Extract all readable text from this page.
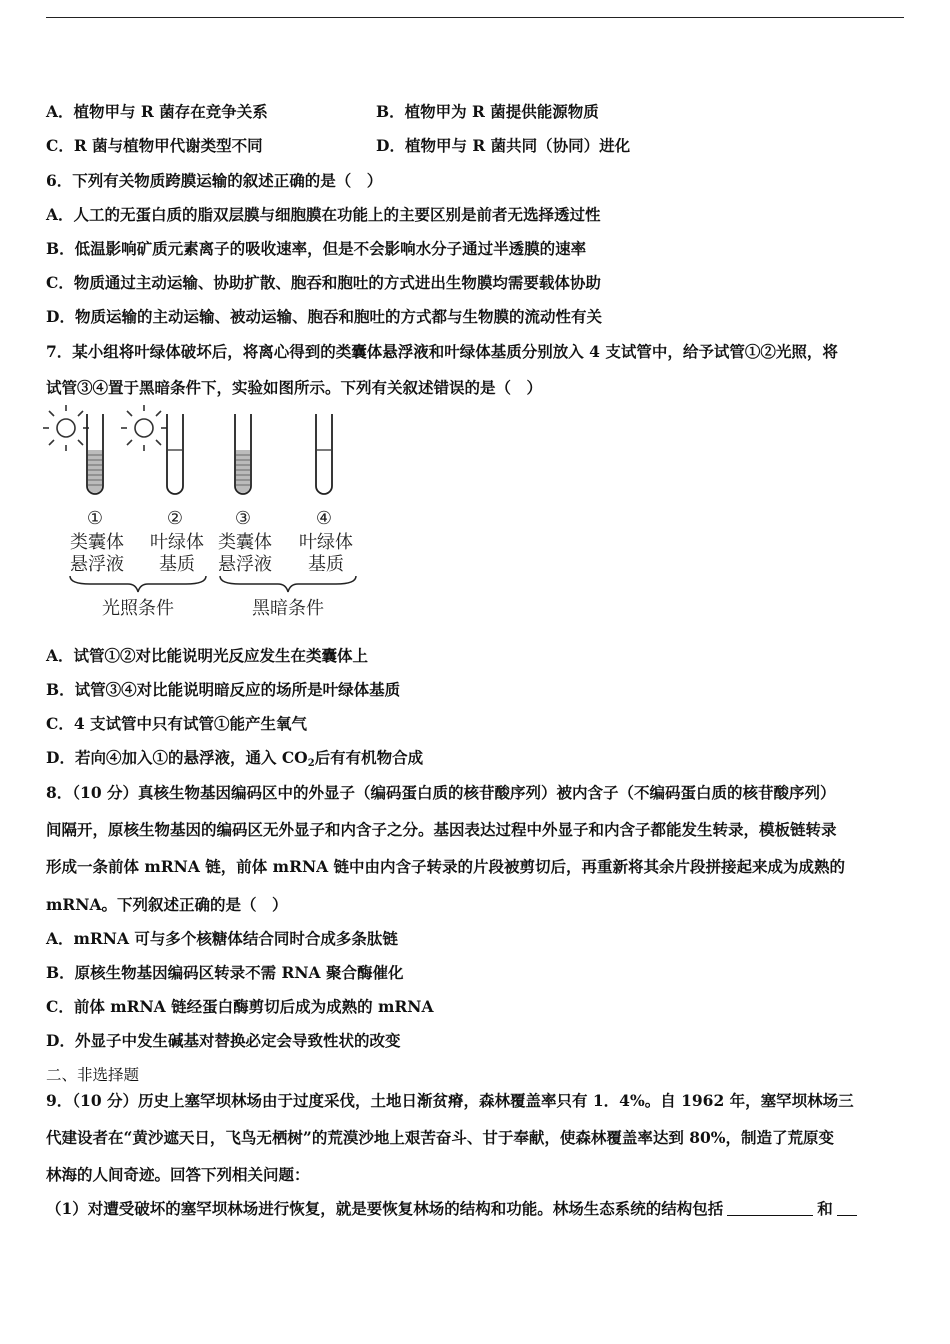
A．植物甲与 R 菌存在竞争关系	B．植物甲为 R 菌提供能源物质
C．R 菌与植物甲代谢类型不同	D．植物甲与 R 菌共同（协同）进化
6．下列有关物质跨膜运输的叙述正确的是（　）
A．人工的无蛋白质的脂双层膜与细胞膜在功能上的主要区别是前者无选择透过性
B．低温影响矿质元素离子的吸收速率，但是不会影响水分子通过半透膜的速率
C．物质通过主动运输、协助扩散、胞吞和胞吐的方式进出生物膜均需要载体协助
D．物质运输的主动运输、被动运输、胞吞和胞吐的方式都与生物膜的流动性有关
7．某小组将叶绿体破坏后，将离心得到的类囊体悬浮液和叶绿体基质分别放入 4 支试管中，给予试管①②光照，将
试管③④置于黑暗条件下，实验如图所示。下列有关叙述错误的是（　）
①	②	③	④
类囊体
悬浮液
叶绿体
基质
类囊体
悬浮液
叶绿体
基质
光照条件	黑暗条件
A．试管①②对比能说明光反应发生在类囊体上
B．试管③④对比能说明暗反应的场所是叶绿体基质
C．4 支试管中只有试管①能产生氧气
D．若向④加入①的悬浮液，通入 $CO_2$后有有机物合成
8．（10 分）真核生物基因编码区中的外显子（编码蛋白质的核苷酸序列）被内含子（不编码蛋白质的核苷酸序列）
间隔开，原核生物基因的编码区无外显子和内含子之分。基因表达过程中外显子和内含子都能发生转录，模板链转录
形成一条前体 mRNA 链，前体 mRNA 链中由内含子转录的片段被剪切后，再重新将其余片段拼接起来成为成熟的
mRNA。下列叙述正确的是（　）
A．mRNA 可与多个核糖体结合同时合成多条肽链
B．原核生物基因编码区转录不需 RNA 聚合酶催化
C．前体 mRNA 链经蛋白酶剪切后成为成熟的 mRNA
D．外显子中发生碱基对替换必定会导致性状的改变
二、非选择题
9．（10 分）历史上塞罕坝林场由于过度采伐，土地日渐贫瘠，森林覆盖率只有 1．4%。自 1962 年，塞罕坝林场三
代建设者在“黄沙遮天日，飞鸟无栖树”的荒漠沙地上艰苦奋斗、甘于奉献，使森林覆盖率达到 80%，制造了荒原变
林海的人间奇迹。回答下列相关问题：
（1）对遭受破坏的塞罕坝林场进行恢复，就是要恢复林场的结构和功能。林场生态系统的结构包括	和
